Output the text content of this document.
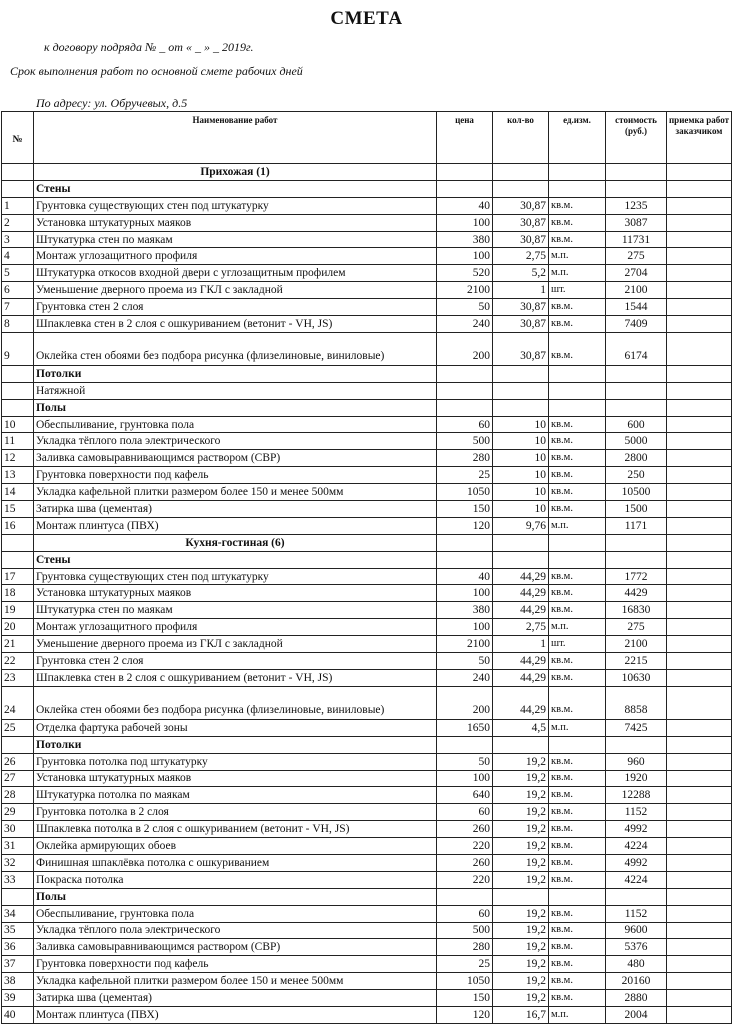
СМЕТА
к договору подряда № _ от « _ » _ 2019г.
Срок выполнения работ по основной смете рабочих дней
По адресу: ул. Обручевых, д.5
№	Наименование работ	цена	кол-во	ед.изм.	стоимость (руб.)	приемка работ заказчиком
	Прихожая (1)					
	Стены					
1	Грунтовка существующих стен под штукатурку	40	30,87	кв.м.	1235	
2	Установка штукатурных маяков	100	30,87	кв.м.	3087	
3	Штукатурка стен по маякам	380	30,87	кв.м.	11731	
4	Монтаж углозащитного профиля	100	2,75	м.п.	275	
5	Штукатурка откосов входной двери с углозащитным профилем	520	5,2	м.п.	2704	
6	Уменьшение дверного проема из ГКЛ с закладной	2100	1	шт.	2100	
7	Грунтовка стен 2 слоя	50	30,87	кв.м.	1544	
8	Шпаклевка стен в 2 слоя с ошкуриванием (ветонит - VH, JS)	240	30,87	кв.м.	7409	
9	Оклейка стен обоями без подбора рисунка (флизелиновые, виниловые)	200	30,87	кв.м.	6174	
	Потолки					
	Натяжной					
	Полы					
10	Обеспыливание, грунтовка пола	60	10	кв.м.	600	
11	Укладка тёплого пола электрического	500	10	кв.м.	5000	
12	Заливка самовыравнивающимся раствором (СВР)	280	10	кв.м.	2800	
13	Грунтовка поверхности под кафель	25	10	кв.м.	250	
14	Укладка кафельной плитки размером более 150 и менее 500мм	1050	10	кв.м.	10500	
15	Затирка шва (цементая)	150	10	кв.м.	1500	
16	Монтаж плинтуса (ПВХ)	120	9,76	м.п.	1171	
	Кухня-гостиная (6)					
	Стены					
17	Грунтовка существующих стен под штукатурку	40	44,29	кв.м.	1772	
18	Установка штукатурных маяков	100	44,29	кв.м.	4429	
19	Штукатурка стен по маякам	380	44,29	кв.м.	16830	
20	Монтаж углозащитного профиля	100	2,75	м.п.	275	
21	Уменьшение дверного проема из ГКЛ с закладной	2100	1	шт.	2100	
22	Грунтовка стен 2 слоя	50	44,29	кв.м.	2215	
23	Шпаклевка стен в 2 слоя с ошкуриванием (ветонит - VH, JS)	240	44,29	кв.м.	10630	
24	Оклейка стен обоями без подбора рисунка (флизелиновые, виниловые)	200	44,29	кв.м.	8858	
25	Отделка фартука рабочей зоны	1650	4,5	м.п.	7425	
	Потолки					
26	Грунтовка потолка под штукатурку	50	19,2	кв.м.	960	
27	Установка штукатурных маяков	100	19,2	кв.м.	1920	
28	Штукатурка потолка по маякам	640	19,2	кв.м.	12288	
29	Грунтовка потолка в 2 слоя	60	19,2	кв.м.	1152	
30	Шпаклевка потолка в 2 слоя с ошкуриванием (ветонит - VH, JS)	260	19,2	кв.м.	4992	
31	Оклейка армирующих обоев	220	19,2	кв.м.	4224	
32	Финишная шпаклёвка потолка с ошкуриванием	260	19,2	кв.м.	4992	
33	Покраска потолка	220	19,2	кв.м.	4224	
	Полы					
34	Обеспыливание, грунтовка пола	60	19,2	кв.м.	1152	
35	Укладка тёплого пола электрического	500	19,2	кв.м.	9600	
36	Заливка самовыравнивающимся раствором (СВР)	280	19,2	кв.м.	5376	
37	Грунтовка поверхности под кафель	25	19,2	кв.м.	480	
38	Укладка кафельной плитки размером более 150 и менее 500мм	1050	19,2	кв.м.	20160	
39	Затирка шва (цементая)	150	19,2	кв.м.	2880	
40	Монтаж плинтуса (ПВХ)	120	16,7	м.п.	2004	
